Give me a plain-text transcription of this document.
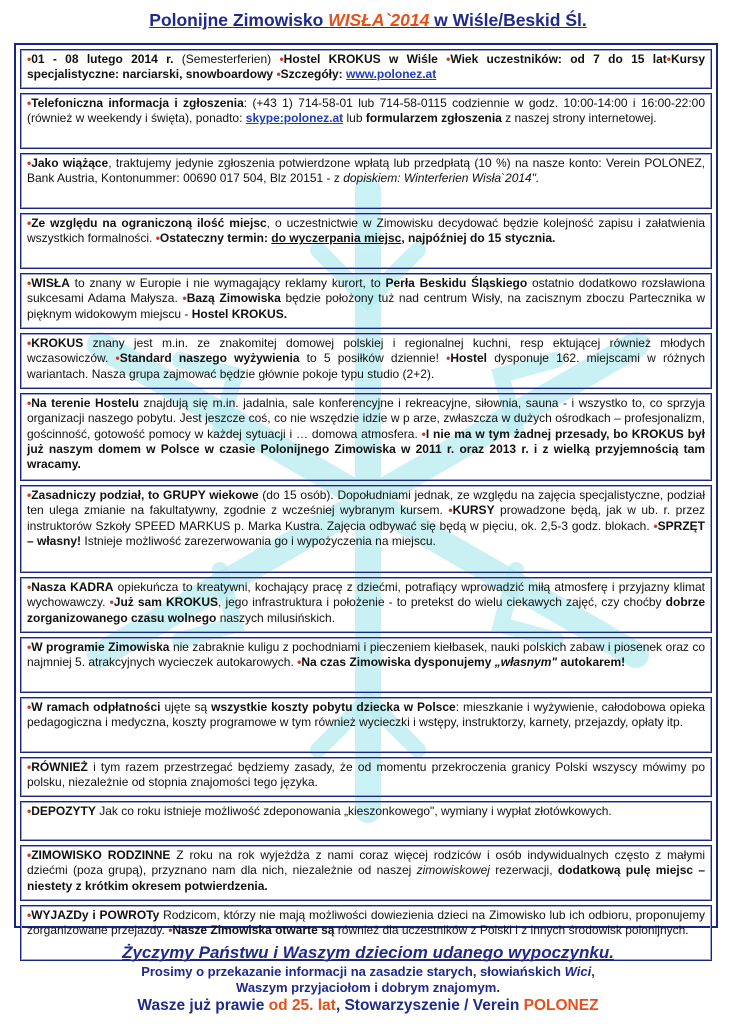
Polonijne Zimowisko WISŁA`2014 w Wiśle/Beskid Śl.
•01 - 08 lutego 2014 r. (Semesterferien) •Hostel KROKUS w Wiśle •Wiek uczestników: od 7 do 15 lat•Kursy specjalistyczne: narciarski, snowboardowy •Szczegóły: www.polonez.at
•Telefoniczna informacja i zgłoszenia: (+43 1) 714-58-01 lub 714-58-0115 codziennie w godz. 10:00-14:00 i 16:00-22:00 (również w weekendy i święta), ponadto: skype:polonez.at lub formularzem zgłoszenia z naszej strony internetowej.
•Jako wiążące, traktujemy jedynie zgłoszenia potwierdzone wpłatą lub przedpłatą (10 %) na nasze konto: Verein POLONEZ, Bank Austria, Kontonummer: 00690 017 504, Blz 20151 - z dopiskiem: Winterferien Wisła`2014".
•Ze względu na ograniczoną ilość miejsc, o uczestnictwie w Zimowisku decydować będzie kolejność zapisu i załatwienia wszystkich formalności. •Ostateczny termin: do wyczerpania miejsc, najpóźniej do 15 stycznia.
•WISŁA to znany w Europie i nie wymagający reklamy kurort, to Perła Beskidu Śląskiego ostatnio dodatkowo rozsławiona sukcesami Adama Małysza. •Bazą Zimowiska będzie położony tuż nad centrum Wisły, na zacisznym zboczu Partecznika w pięknym widokowym miejscu - Hostel KROKUS.
•KROKUS znany jest m.in. ze znakomitej domowej polskiej i regionalnej kuchni, resp ektującej również młodych wczasowiczów. •Standard naszego wyżywienia to 5 posiłków dziennie! •Hostel dysponuje 162. miejscami w różnych wariantach. Nasza grupa zajmować będzie głównie pokoje typu studio (2+2).
•Na terenie Hostelu znajdują się m.in. jadalnia, sale konferencyjne i rekreacyjne, siłownia, sauna - i wszystko to, co sprzyja organizacji naszego pobytu. Jest jeszcze coś, co nie wszędzie idzie w p arze, zwłaszcza w dużych ośrodkach – profesjonalizm, gościnność, gotowość pomocy w każdej sytuacji i … domowa atmosfera. •I nie ma w tym żadnej przesady, bo KROKUS był już naszym domem w Polsce w czasie Polonijnego Zimowiska w 2011 r. oraz 2013 r. i z wielką przyjemnością tam wracamy.
•Zasadniczy podział, to GRUPY wiekowe (do 15 osób). Dopołudniami jednak, ze względu na zajęcia specjalistyczne, podział ten ulega zmianie na fakultatywny, zgodnie z wcześniej wybranym kursem. •KURSY prowadzone będą, jak w ub. r. przez instruktorów Szkoły SPEED MARKUS p. Marka Kustra. Zajęcia odbywać się będą w pięciu, ok. 2,5-3 godz. blokach. •SPRZĘT – własny! Istnieje możliwość zarezerwowania go i wypożyczenia na miejscu.
•Nasza KADRA opiekuńcza to kreatywni, kochający pracę z dziećmi, potrafiący wprowadzić miłą atmosferę i przyjazny klimat wychowawczy. •Już sam KROKUS, jego infrastruktura i położenie - to pretekst do wielu ciekawych zajęć, czy choćby dobrze zorganizowanego czasu wolnego naszych milusińskich.
•W programie Zimowiska nie zabraknie kuligu z pochodniami i pieczeniem kiełbasek, nauki polskich zabaw i piosenek oraz co najmniej 5. atrakcyjnych wycieczek autokarowych. •Na czas Zimowiska dysponujemy „własnym" autokarem!
•W ramach odpłatności ujęte są wszystkie koszty pobytu dziecka w Polsce: mieszkanie i wyżywienie, całodobowa opieka pedagogiczna i medyczna, koszty programowe w tym również wycieczki i wstępy, instruktorzy, karnety, przejazdy, opłaty itp.
•RÓWNIEŻ i tym razem przestrzegać będziemy zasady, że od momentu przekroczenia granicy Polski wszyscy mówimy po polsku, niezależnie od stopnia znajomości tego języka.
•DEPOZYTY Jak co roku istnieje możliwość zdeponowania „kieszonkowego", wymiany i wypłat złotówkowych.
•ZIMOWISKO RODZINNE Z roku na rok wyjeżdża z nami coraz więcej rodziców i osób indywidualnych często z małymi dziećmi (poza grupą), przyznano nam dla nich, niezależnie od naszej zimowiskowej rezerwacji, dodatkową pulę miejsc – niestety z krótkim okresem potwierdzenia.
•WYJAZDy i POWROTy Rodzicom, którzy nie mają możliwości dowiezienia dzieci na Zimowisko lub ich odbioru, proponujemy zorganizowane przejazdy. •Nasze Zimowiska otwarte są również dla uczestników z Polski i z innych środowisk polonijnych.
Życzymy Państwu i Waszym dzieciom udanego wypoczynku.
Prosimy o przekazanie informacji na zasadzie starych, słowiańskich Wici,
Waszym przyjaciołom i dobrym znajomym.
Wasze już prawie od 25. lat, Stowarzyszenie / Verein POLONEZ
